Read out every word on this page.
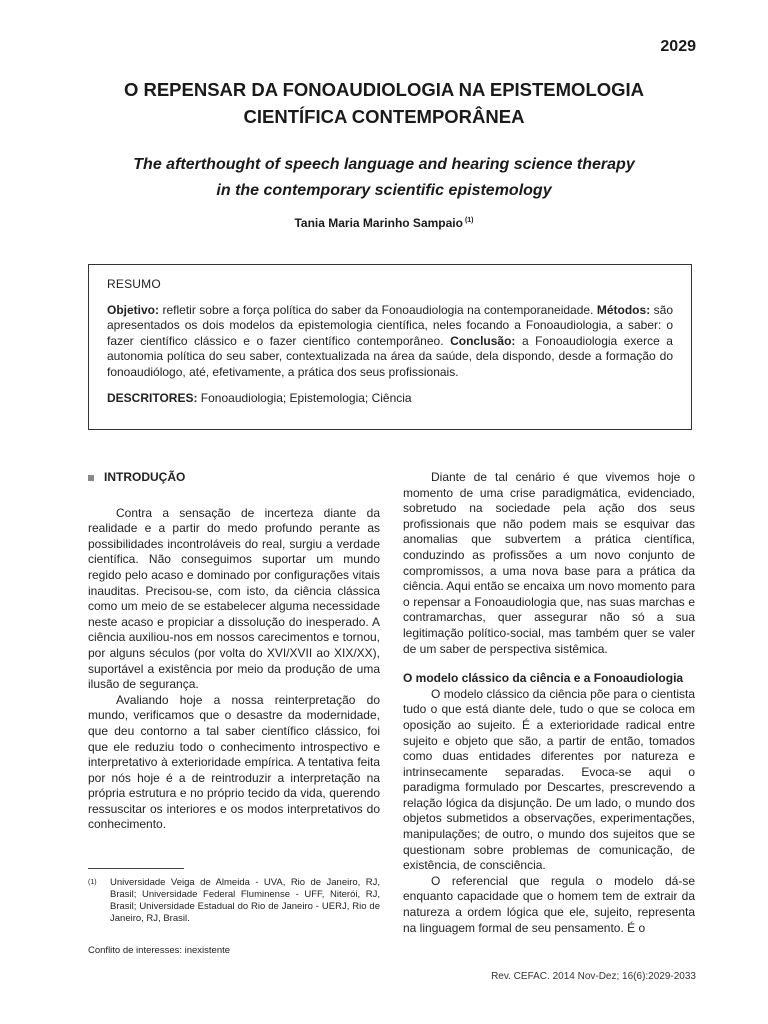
2029
O REPENSAR DA FONOAUDIOLOGIA NA EPISTEMOLOGIA
CIENTÍFICA CONTEMPORÂNEA
The afterthought of speech language and hearing science therapy
in the contemporary scientific epistemology
Tania Maria Marinho Sampaio $^{(1)}$
RESUMO
Objetivo: refletir sobre a força política do saber da Fonoaudiologia na contemporaneidade. Métodos: são apresentados os dois modelos da epistemologia científica, neles focando a Fonoaudiologia, a saber: o fazer científico clássico e o fazer científico contemporâneo. Conclusão: a Fonoaudiologia exerce a autonomia política do seu saber, contextualizada na área da saúde, dela dispondo, desde a formação do fonoaudiólogo, até, efetivamente, a prática dos seus profissionais.
DESCRITORES: Fonoaudiologia; Epistemologia; Ciência
INTRODUÇÃO

Contra a sensação de incerteza diante da realidade e a partir do medo profundo perante as possibilidades incontroláveis do real, surgiu a verdade científica. Não conseguimos suportar um mundo regido pelo acaso e dominado por configurações vitais inauditas. Precisou-se, com isto, da ciência clássica como um meio de se estabelecer alguma necessidade neste acaso e propiciar a dissolução do inesperado. A ciência auxiliou-nos em nossos carecimentos e tornou, por alguns séculos (por volta do XVI/XVII ao XIX/XX), suportável a existência por meio da produção de uma ilusão de segurança.

Avaliando hoje a nossa reinterpretação do mundo, verificamos que o desastre da modernidade, que deu contorno a tal saber científico clássico, foi que ele reduziu todo o conhecimento introspectivo e interpretativo à exterioridade empírica. A tentativa feita por nós hoje é a de reintroduzir a interpretação na própria estrutura e no próprio tecido da vida, querendo ressuscitar os interiores e os modos interpretativos do conhecimento.

Diante de tal cenário é que vivemos hoje o momento de uma crise paradigmática, evidenciado, sobretudo na sociedade pela ação dos seus profissionais que não podem mais se esquivar das anomalias que subvertem a prática científica, conduzindo as profissões a um novo conjunto de compromissos, a uma nova base para a prática da ciência. Aqui então se encaixa um novo momento para o repensar a Fonoaudiologia que, nas suas marchas e contramarchas, quer assegurar não só a sua legitimação político-social, mas também quer se valer de um saber de perspectiva sistêmica.

O modelo clássico da ciência e a Fonoaudiologia

O modelo clássico da ciência põe para o cientista tudo o que está diante dele, tudo o que se coloca em oposição ao sujeito. É a exterioridade radical entre sujeito e objeto que são, a partir de então, tomados como duas entidades diferentes por natureza e intrinsecamente separadas. Evoca-se aqui o paradigma formulado por Descartes, prescrevendo a relação lógica da disjunção. De um lado, o mundo dos objetos submetidos a observações, experimentações, manipulações; de outro, o mundo dos sujeitos que se questionam sobre problemas de comunicação, de existência, de consciência.

O referencial que regula o modelo dá-se enquanto capacidade que o homem tem de extrair da natureza a ordem lógica que ele, sujeito, representa na linguagem formal de seu pensamento. É o

(1)	Universidade Veiga de Almeida - UVA, Rio de Janeiro, RJ, Brasil; Universidade Federal Fluminense - UFF, Niterói, RJ, Brasil; Universidade Estadual do Rio de Janeiro - UERJ, Rio de Janeiro, RJ, Brasil.
Conflito de interesses: inexistente
Rev. CEFAC. 2014 Nov-Dez; 16(6):2029-2033
